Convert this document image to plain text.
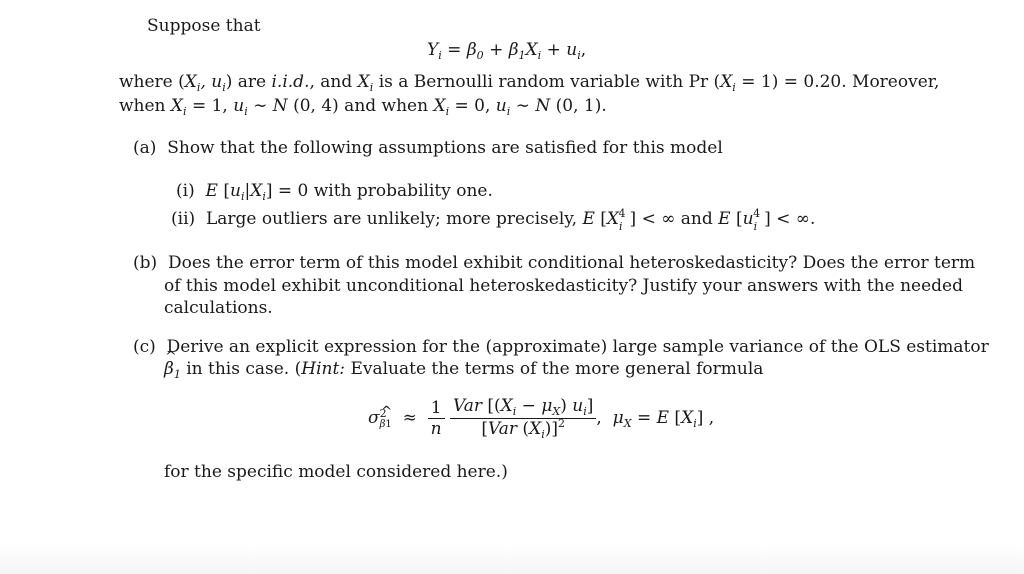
Suppose that
$Y_i = \beta_0 + \beta_1X_i + u_i$,
where ($X_i$, $u_i$) are i.i.d., and $X_i$ is a Bernoulli random variable with Pr $(X_i = 1) = 0.20$. Moreover,
when $X_i = 1$, $u_i$ ∼ N (0, 4) and when $X_i = 0$, $u_i$ ∼ N (0, 1).
(a) Show that the following assumptions are satisfied for this model
(i) E $[u_i|X_i] = 0$ with probability one.
(ii) Large outliers are unlikely; more precisely, E [$X_i^4$ ] < ∞ and E [$u_i^4$ ] < ∞.
(b) Does the error term of this model exhibit conditional heteroskedasticity? Does the error term
of this model exhibit unconditional heteroskedasticity? Justify your answers with the needed
calculations.
(c) Derive an explicit expression for the (approximate) large sample variance of the OLS estimator
^ $\beta_1$ in this case. (Hint: Evaluate the terms of the more general formula
σ 2
^ $\beta 1 \approx \frac{1}{n}$
$\frac{Var [(X_i - \mu_X) u_i]}{[Var (X_i)]^2}$ ,  $\mu_X = E$ $[X_i]$ ,
for the specific model considered here.)
